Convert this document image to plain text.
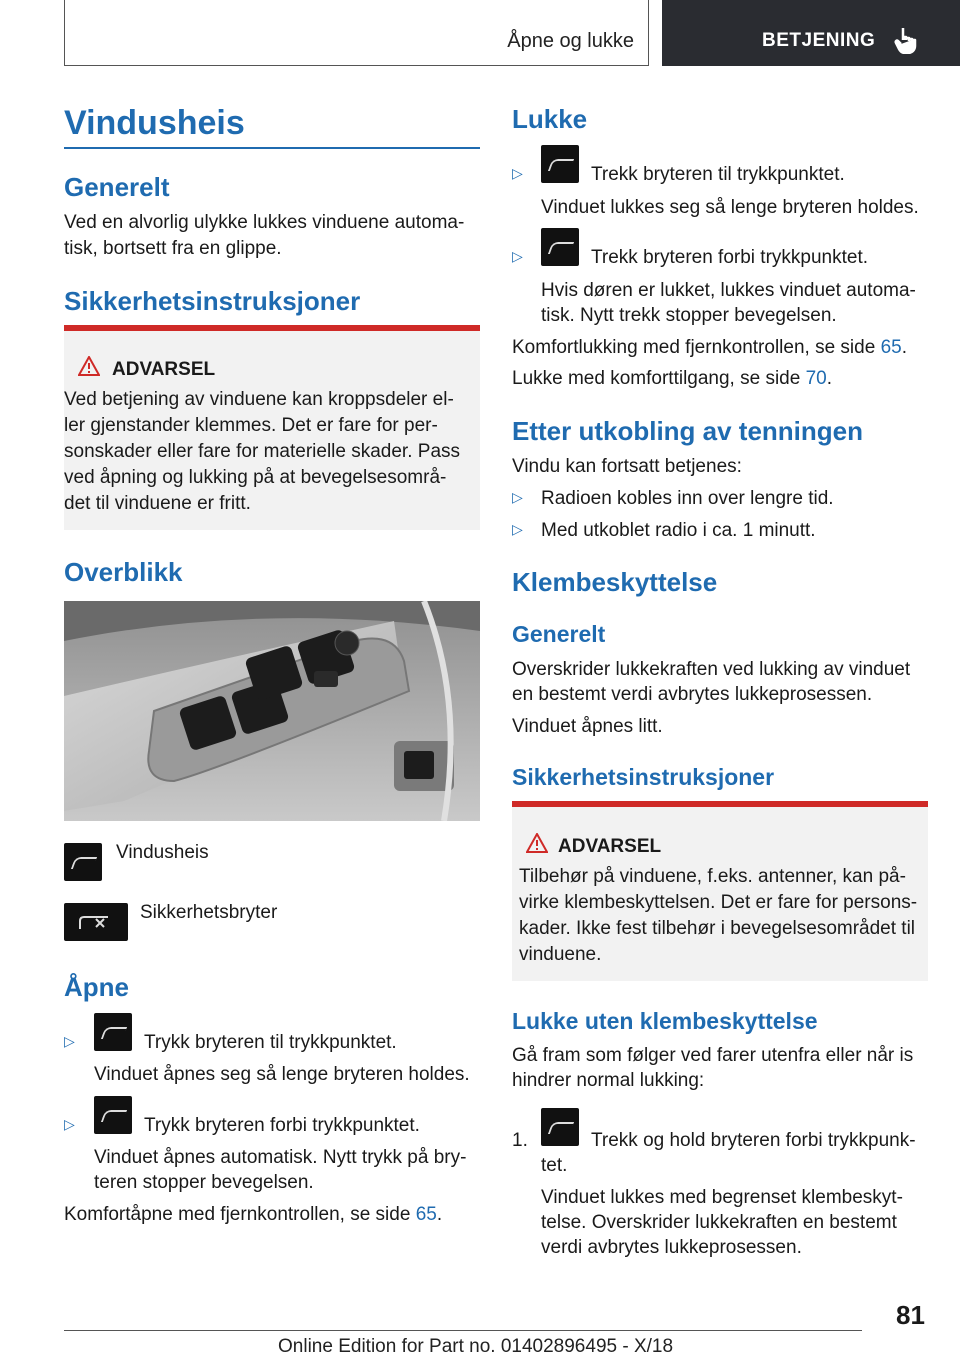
Åpne og lukke	BETJENING
Vindusheis
Generelt
Ved en alvorlig ulykke lukkes vinduene automa-
tisk, bortsett fra en glippe.
Sikkerhetsinstruksjoner
ADVARSEL
Ved betjening av vinduene kan kroppsdeler el-
ler gjenstander klemmes. Det er fare for per-
sonskader eller fare for materielle skader. Pass
ved åpning og lukking på at bevegelsesområ-
det til vinduene er fritt.
Overblikk
Vindusheis
Sikkerhetsbryter
Åpne
▷	Trykk bryteren til trykkpunktet.
Vinduet åpnes seg så lenge bryteren holdes.
▷	Trykk bryteren forbi trykkpunktet.
Vinduet åpnes automatisk. Nytt trykk på bry-
teren stopper bevegelsen.
Komfortåpne med fjernkontrollen, se side 65.
Lukke
▷	Trekk bryteren til trykkpunktet.
Vinduet lukkes seg så lenge bryteren holdes.
▷	Trekk bryteren forbi trykkpunktet.
Hvis døren er lukket, lukkes vinduet automa-
tisk. Nytt trekk stopper bevegelsen.
Komfortlukking med fjernkontrollen, se side 65.
Lukke med komforttilgang, se side 70.
Etter utkobling av tenningen
Vindu kan fortsatt betjenes:
▷ Radioen kobles inn over lengre tid.
▷ Med utkoblet radio i ca. 1 minutt.
Klembeskyttelse
Generelt
Overskrider lukkekraften ved lukking av vinduet
en bestemt verdi avbrytes lukkeprosessen.
Vinduet åpnes litt.
Sikkerhetsinstruksjoner
ADVARSEL
Tilbehør på vinduene, f.eks. antenner, kan på-
virke klembeskyttelsen. Det er fare for persons-
kader. Ikke fest tilbehør i bevegelsesområdet til
vinduene.
Lukke uten klembeskyttelse
Gå fram som følger ved farer utenfra eller når is
hindrer normal lukking:
1.	Trekk og hold bryteren forbi trykkpunk-
tet.
Vinduet lukkes med begrenset klembeskyt-
telse. Overskrider lukkekraften en bestemt
verdi avbrytes lukkeprosessen.
81
Online Edition for Part no. 01402896495 - X/18
